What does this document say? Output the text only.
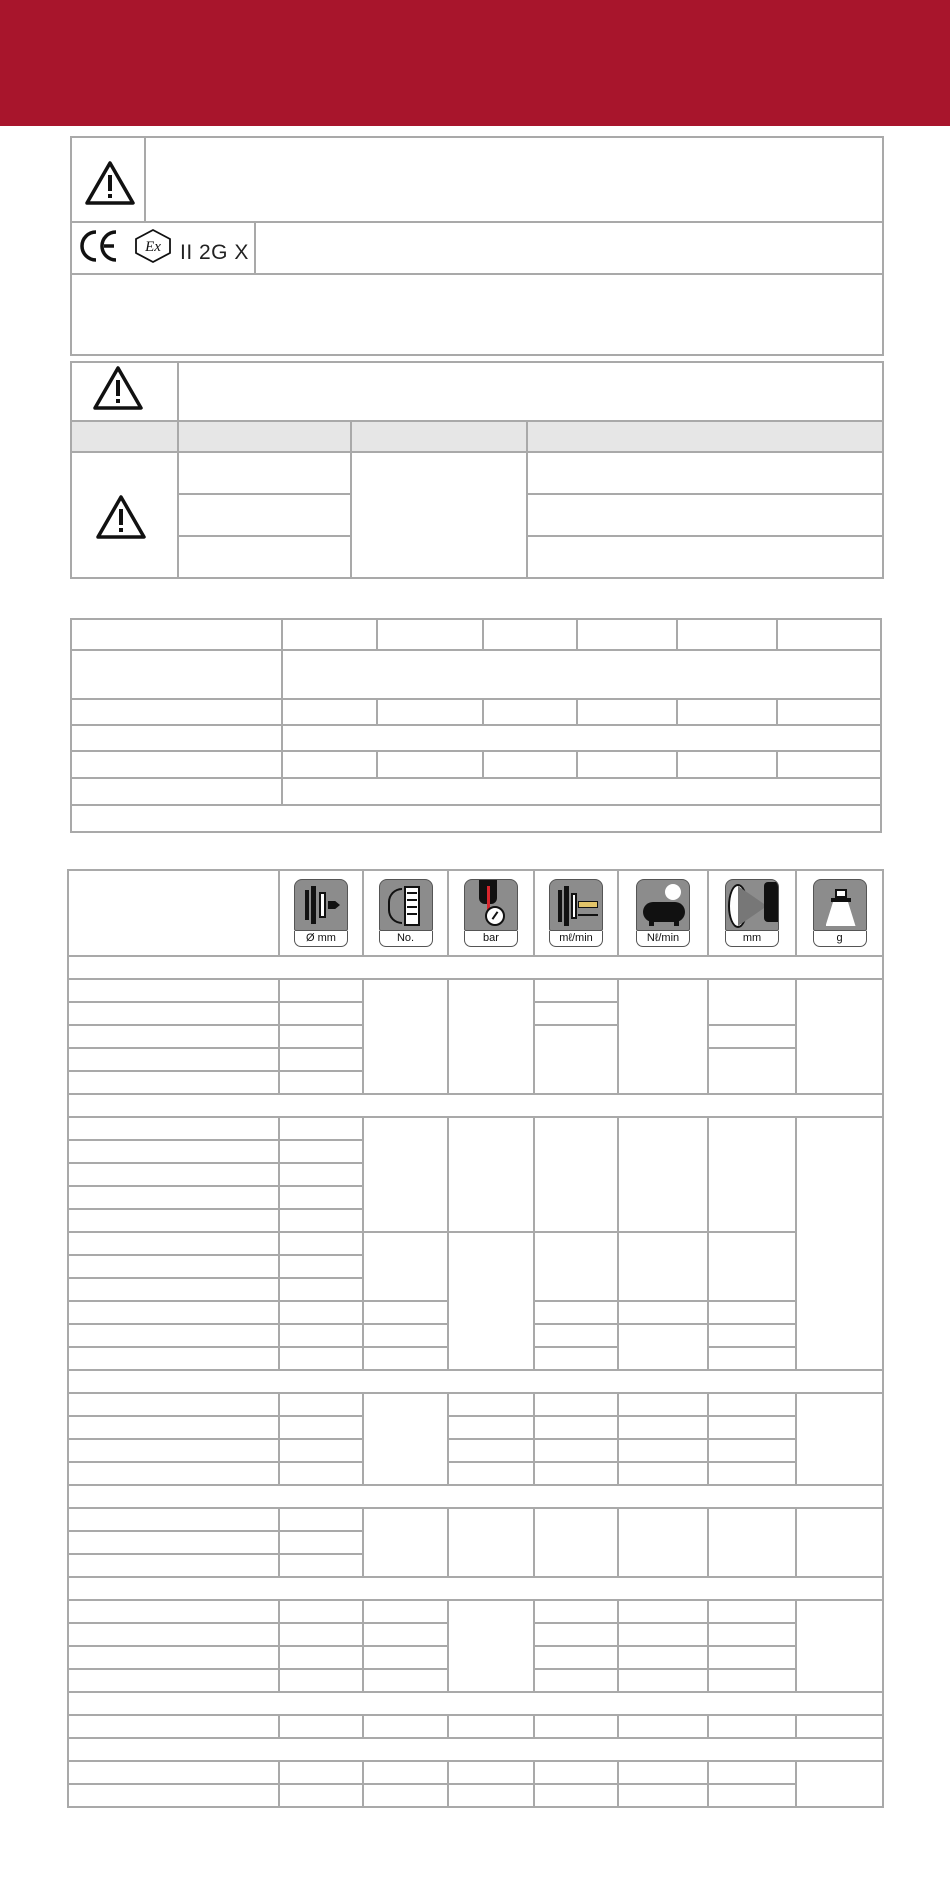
Ex II 2G X

	Ø mm	No.	bar	mℓ/min	Nℓ/min	mm	g
